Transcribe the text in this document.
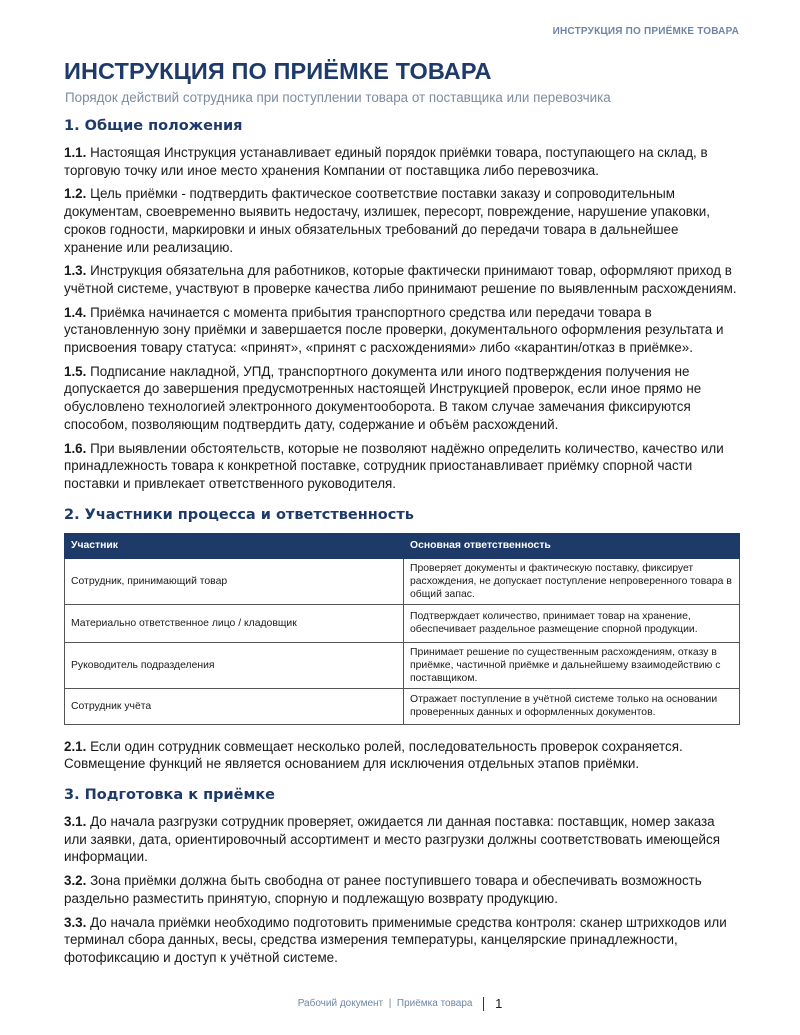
ИНСТРУКЦИЯ ПО ПРИЁМКЕ ТОВАРА
ИНСТРУКЦИЯ ПО ПРИЁМКЕ ТОВАРА

Порядок действий сотрудника при поступлении товара от поставщика или перевозчика

1. Общие положения

1.1. Настоящая Инструкция устанавливает единый порядок приёмки товара, поступающего на склад, в торговую точку или иное место хранения Компании от поставщика либо перевозчика.

1.2. Цель приёмки - подтвердить фактическое соответствие поставки заказу и сопроводительным документам, своевременно выявить недостачу, излишек, пересорт, повреждение, нарушение упаковки, сроков годности, маркировки и иных обязательных требований до передачи товара в дальнейшее хранение или реализацию.

1.3. Инструкция обязательна для работников, которые фактически принимают товар, оформляют приход в учётной системе, участвуют в проверке качества либо принимают решение по выявленным расхождениям.

1.4. Приёмка начинается с момента прибытия транспортного средства или передачи товара в установленную зону приёмки и завершается после проверки, документального оформления результата и присвоения товару статуса: «принят», «принят с расхождениями» либо «карантин/отказ в приёмке».

1.5. Подписание накладной, УПД, транспортного документа или иного подтверждения получения не допускается до завершения предусмотренных настоящей Инструкцией проверок, если иное прямо не обусловлено технологией электронного документооборота. В таком случае замечания фиксируются способом, позволяющим подтвердить дату, содержание и объём расхождений.

1.6. При выявлении обстоятельств, которые не позволяют надёжно определить количество, качество или принадлежность товара к конкретной поставке, сотрудник приостанавливает приёмку спорной части поставки и привлекает ответственного руководителя.

2. Участники процесса и ответственность
Участник	Основная ответственность
Сотрудник, принимающий товар	Проверяет документы и фактическую поставку, фиксирует расхождения, не допускает поступление непроверенного товара в общий запас.
Материально ответственное лицо / кладовщик	Подтверждает количество, принимает товар на хранение, обеспечивает раздельное размещение спорной продукции.
Руководитель подразделения	Принимает решение по существенным расхождениям, отказу в приёмке, частичной приёмке и дальнейшему взаимодействию с поставщиком.
Сотрудник учёта	Отражает поступление в учётной системе только на основании проверенных данных и оформленных документов.

2.1. Если один сотрудник совмещает несколько ролей, последовательность проверок сохраняется. Совмещение функций не является основанием для исключения отдельных этапов приёмки.

3. Подготовка к приёмке

3.1. До начала разгрузки сотрудник проверяет, ожидается ли данная поставка: поставщик, номер заказа или заявки, дата, ориентировочный ассортимент и место разгрузки должны соответствовать имеющейся информации.

3.2. Зона приёмки должна быть свободна от ранее поступившего товара и обеспечивать возможность раздельно разместить принятую, спорную и подлежащую возврату продукцию.

3.3. До начала приёмки необходимо подготовить применимые средства контроля: сканер штрихкодов или терминал сбора данных, весы, средства измерения температуры, канцелярские принадлежности, фотофиксацию и доступ к учётной системе.

Рабочий документ | Приёмка товара 1
